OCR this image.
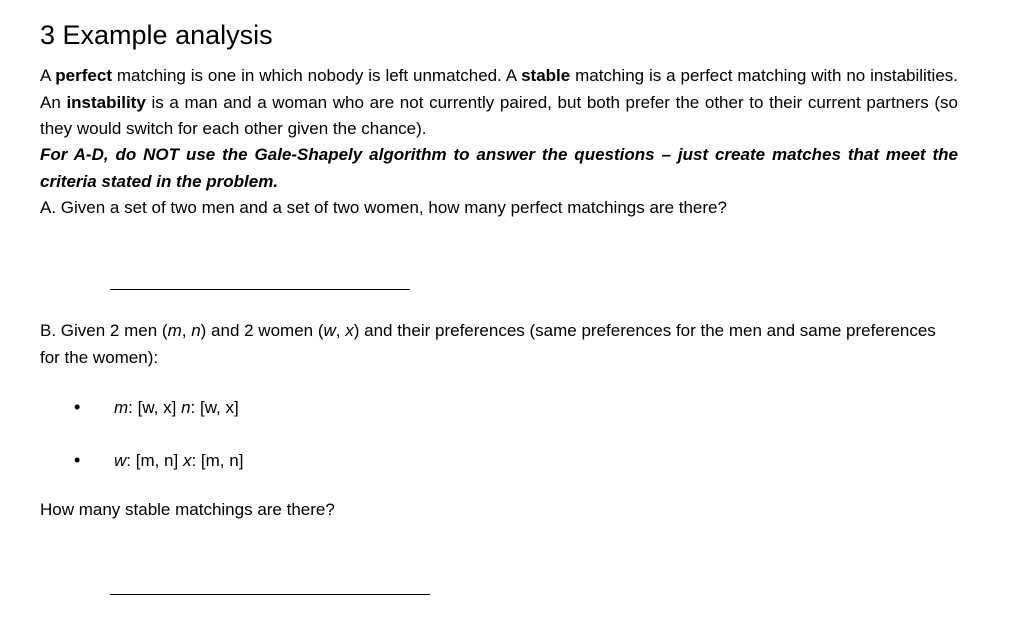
3 Example analysis

A perfect matching is one in which nobody is left unmatched. A stable matching is a perfect matching with no instabilities. An instability is a man and a woman who are not currently paired, but both prefer the other to their current partners (so they would switch for each other given the chance).

For A-D, do NOT use the Gale-Shapely algorithm to answer the questions – just create matches that meet the criteria stated in the problem.

A. Given a set of two men and a set of two women, how many perfect matchings are there?

B. Given 2 men (m, n) and 2 women (w, x) and their preferences (same preferences for the men and same preferences for the women):

• m: [w, x] n: [w, x]
• w: [m, n] x: [m, n]

How many stable matchings are there?
